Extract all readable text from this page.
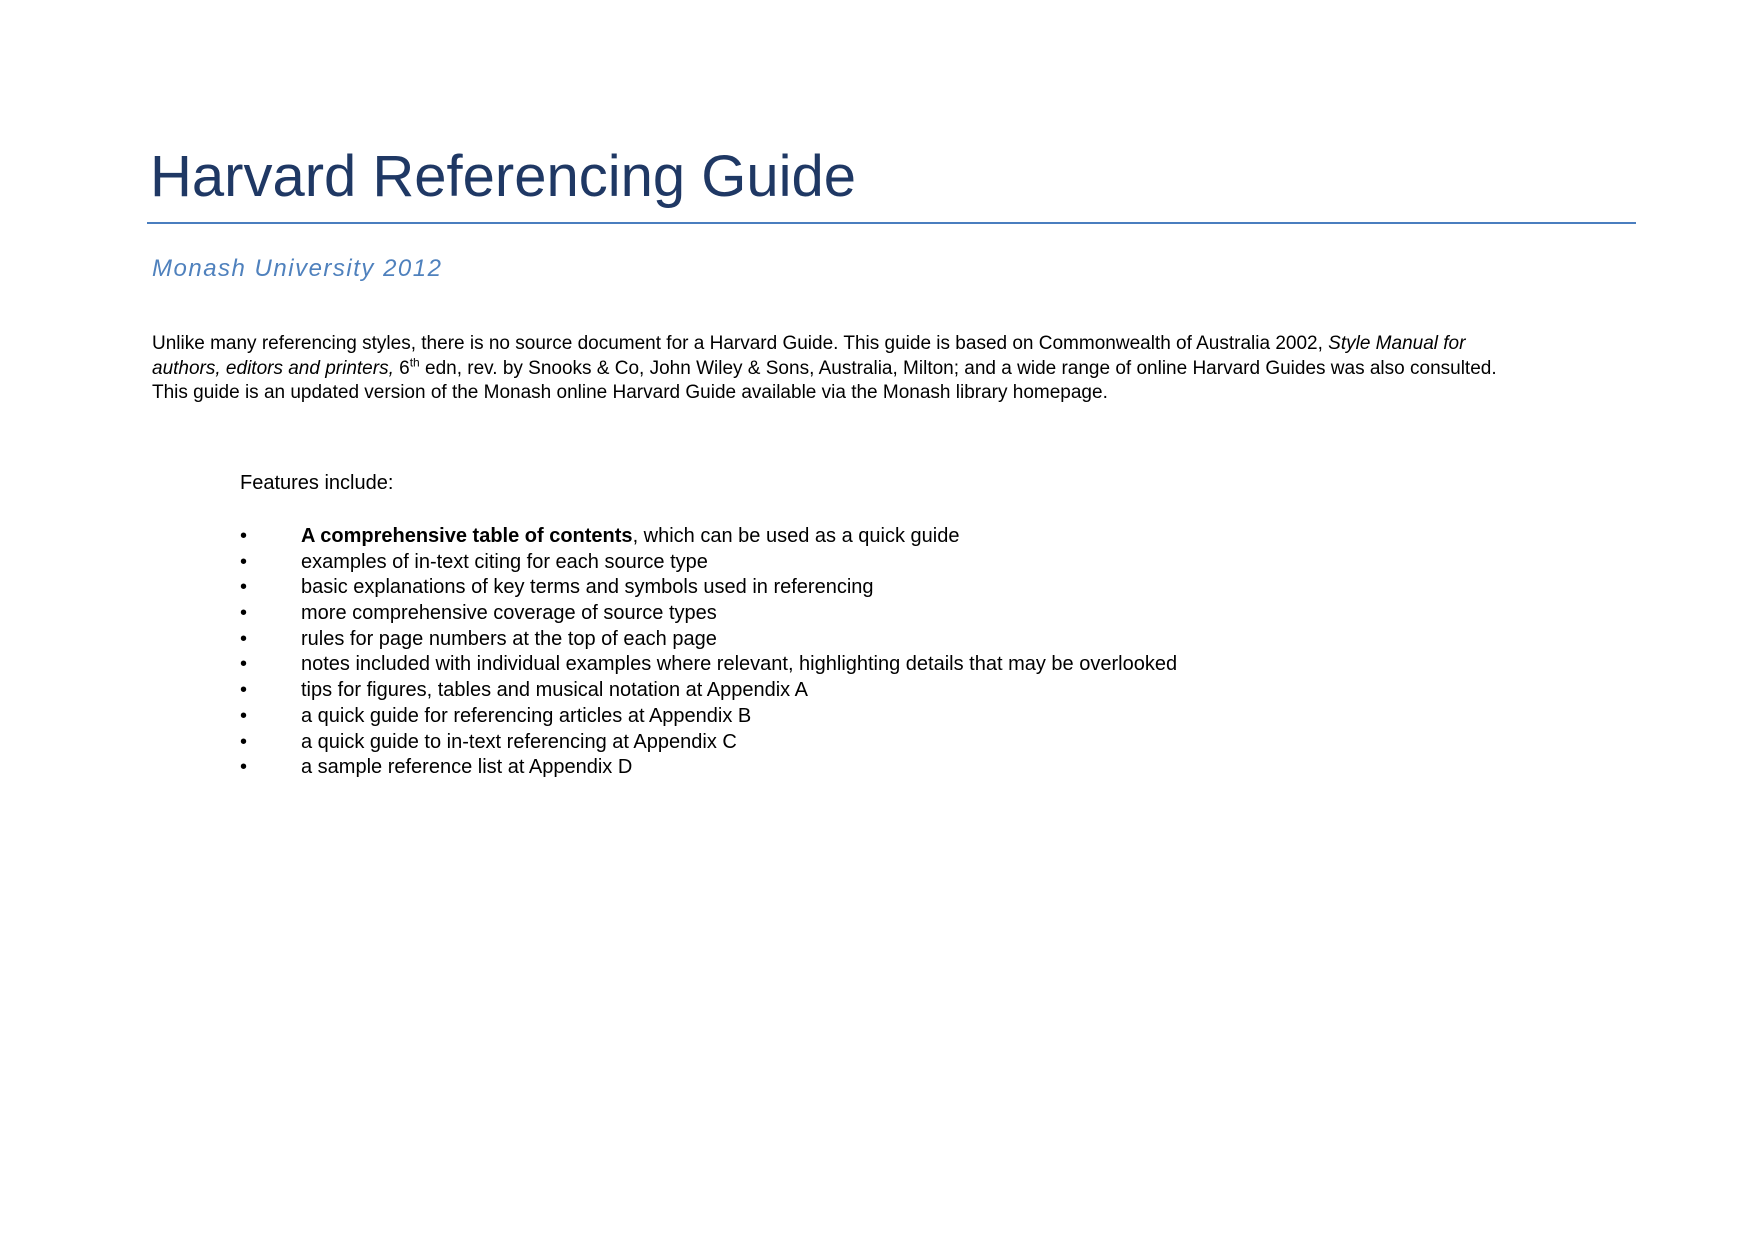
Harvard Referencing Guide
Monash University 2012

Unlike many referencing styles, there is no source document for a Harvard Guide. This guide is based on Commonwealth of Australia 2002, Style Manual for

authors, editors and printers, 6th edn, rev. by Snooks & Co, John Wiley & Sons, Australia, Milton; and a wide range of online Harvard Guides was also consulted.

This guide is an updated version of the Monash online Harvard Guide available via the Monash library homepage.

Features include:
•	A comprehensive table of contents, which can be used as a quick guide
•	examples of in-text citing for each source type
•	basic explanations of key terms and symbols used in referencing
•	more comprehensive coverage of source types
•	rules for page numbers at the top of each page
•	notes included with individual examples where relevant, highlighting details that may be overlooked
•	tips for figures, tables and musical notation at Appendix A
•	a quick guide for referencing articles at Appendix B
•	a quick guide to in-text referencing at Appendix C
•	a sample reference list at Appendix D
